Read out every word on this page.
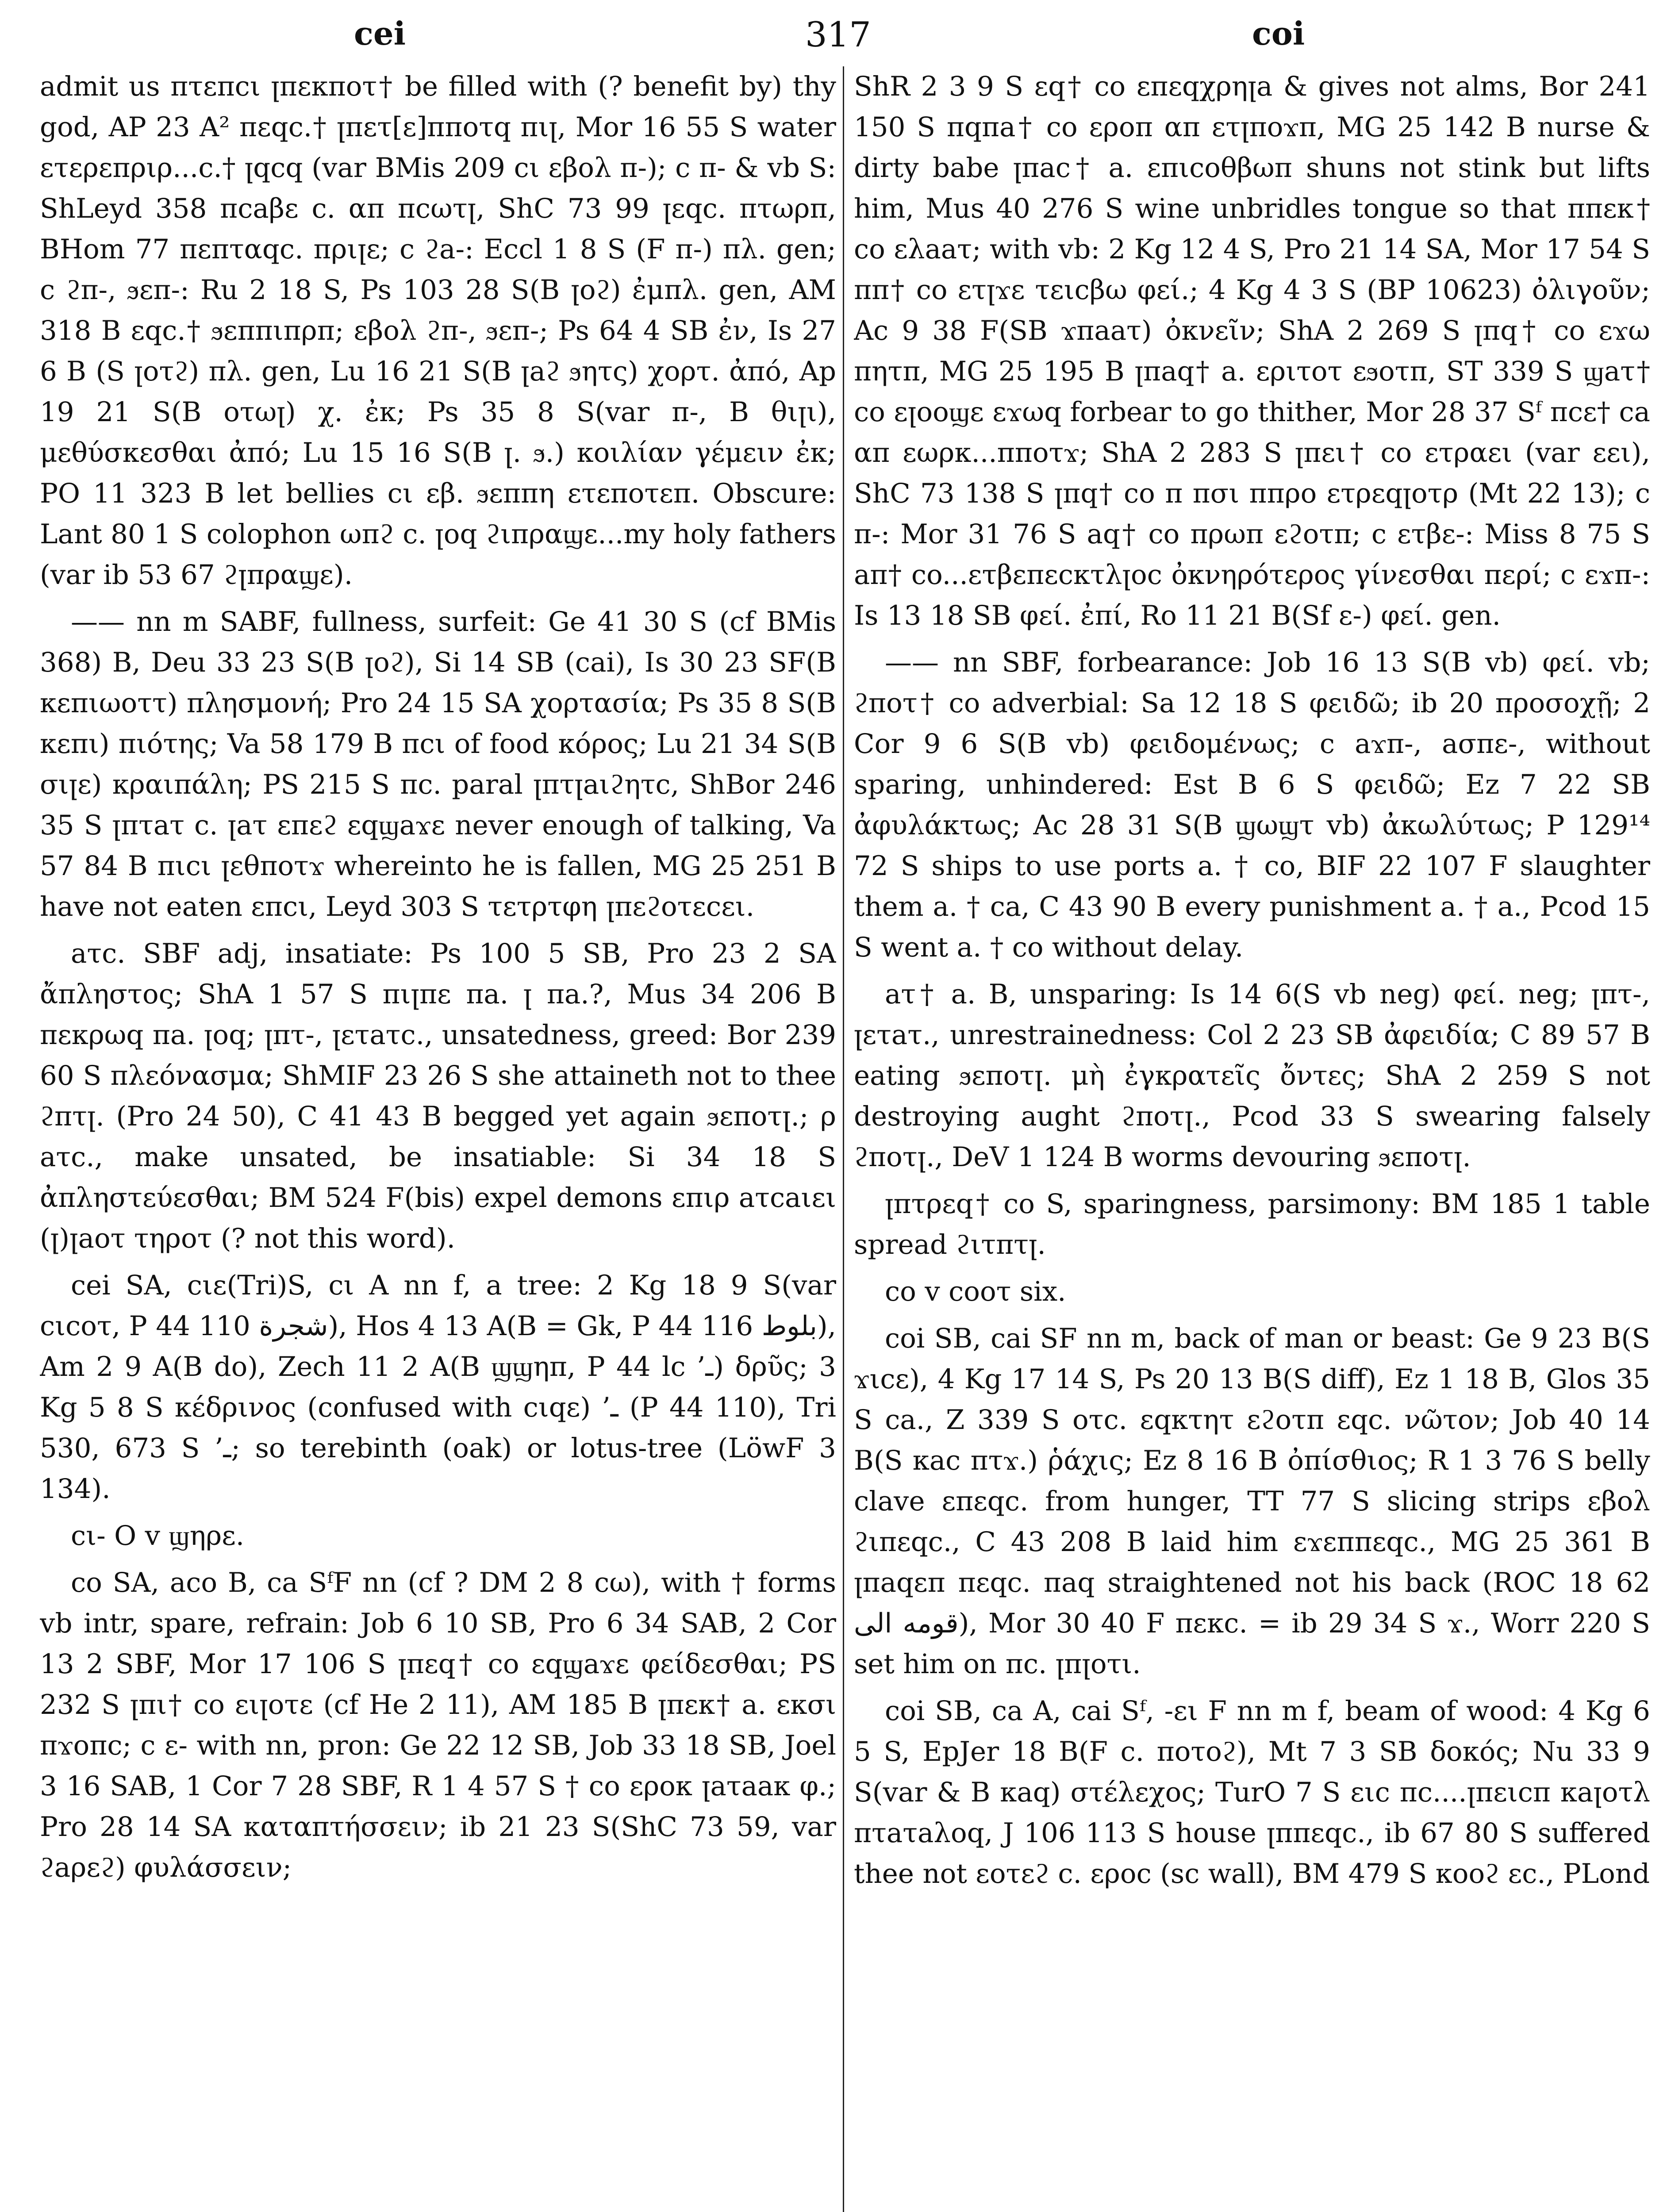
cei	317	coi

admit us πτεπcι ꞁπεκποτ† be filled with (? benefit by) thy god, AP 23 A² πεqc.† ꞁπετ[ε]πποτq πιꞁ, Mor 16 55 S water ετερεπριρ...c.† ꞁqcq (var BMis 209 cι εβολ π-); c π- & vb S: ShLeyd 358 πcaβε c. απ πcωτꞁ, ShC 73 99 ꞁεqc. πτωρπ, BHom 77 πεπταqc. πριꞁε; c ϩa-: Eccl 1 8 S (F π-) πλ. gen; c ϩπ-, ϧεπ-: Ru 2 18 S, Ps 103 28 S(B ꞁοϩ) ἐμπλ. gen, AM 318 B εqc.† ϧεππιπρπ; εβολ ϩπ-, ϧεπ-; Ps 64 4 SB ἐν, Is 27 6 B (S ꞁοτϩ) πλ. gen, Lu 16 21 S(B ꞁaϩ ϧητς) χορτ. ἀπό, Ap 19 21 S(B οτωꞁ) χ. ἐκ; Ps 35 8 S(var π-, B θιꞁι), μεθύσκεσθαι ἀπό; Lu 15 16 S(B ꞁ. ϧ.) κοιλίαν γέμειν ἐκ; PO 11 323 B let bellies cι εβ. ϧεππη ετεποτεπ. Obscure: Lant 80 1 S colophon ωπϩ c. ꞁοq ϩιπραϣε...my holy fathers (var ib 53 67 ϩꞁπραϣε).

—— nn m SABF, fullness, surfeit: Ge 41 30 S (cf BMis 368) B, Deu 33 23 S(B ꞁοϩ), Si 14 SB (cai), Is 30 23 SF(B κεπιωοττ) πλησμονή; Pro 24 15 SA χορτασία; Ps 35 8 S(B κεπι) πιότης; Va 58 179 B πcι of food κόρος; Lu 21 34 S(B σιꞁε) κραιπάλη; PS 215 S πc. paral ꞁπτꞁaιϩητc, ShBor 246 35 S ꞁπτaτ c. ꞁaτ επεϩ εqϣaϫε never enough of talking, Va 57 84 B πιcι ꞁεθποτϫ whereinto he is fallen, MG 25 251 B have not eaten επcι, Leyd 303 S τετρτφη ꞁπεϩοτεcει.

aτc. SBF adj, insatiate: Ps 100 5 SB, Pro 23 2 SA ἄπληστος; ShA 1 57 S πιꞁπε πa. ꞁ πa.?, Mus 34 206 B πεκρωq πa. ꞁοq; ꞁπτ-, ꞁετaτc., unsatedness, greed: Bor 239 60 S πλεόνασμα; ShMIF 23 26 S she attaineth not to thee ϩπτꞁ. (Pro 24 50), C 41 43 B begged yet again ϧεποτꞁ.; ρ aτc., make unsated, be insatiable: Si 34 18 S ἀπληστεύεσθαι; BM 524 F(bis) expel demons επιρ aτcaιει (ꞁ)ꞁaοτ τηροτ (? not this word).

cei SA, cιε(Tri)S, cι A nn f, a tree: 2 Kg 18 9 S(var cιcοτ, P 44 110 شجرة), Hos 4 13 A(B = Gk, P 44 116 بلوط), Am 2 9 A(B do), Zech 11 2 A(B ϣϣηπ, P 44 lc ’ـ) δρῦς; 3 Kg 5 8 S κέδρινος (confused with cιqε) ’ـ (P 44 110), Tri 530, 673 S ’ـ; so terebinth (oak) or lotus-tree (LöwF 3 134).

cι- O v ϣηρε.

co SA, aco B, ca SᶠF nn (cf ? DM 2 8 cω), with † forms vb intr, spare, refrain: Job 6 10 SB, Pro 6 34 SAB, 2 Cor 13 2 SBF, Mor 17 106 S ꞁπεq† co εqϣaϫε φείδεσθαι; PS 232 S ꞁπι† co ειꞁοτε (cf He 2 11), AM 185 B ꞁπεκ† a. εκσι πϫοπc; c ε- with nn, pron: Ge 22 12 SB, Job 33 18 SB, Joel 3 16 SAB, 1 Cor 7 28 SBF, R 1 4 57 S † co ερoκ ꞁaτaaκ φ.; Pro 28 14 SA καταπτήσσειν; ib 21 23 S(ShC 73 59, var ϩaρεϩ) φυλάσσειν;

ShR 2 3 9 S εq† co επεqχρηꞁa & gives not alms, Bor 241 150 S πqπa† co εροπ απ ετꞁποϫπ, MG 25 142 B nurse & dirty babe ꞁπac† a. επιcοθβωπ shuns not stink but lifts him, Mus 40 276 S wine unbridles tongue so that ππεκ† co ελaaτ; with vb: 2 Kg 12 4 S, Pro 21 14 SA, Mor 17 54 S ππ† co ετꞁϫε τειcβω φεί.; 4 Kg 4 3 S (BP 10623) ὀλιγοῦν; Ac 9 38 F(SB ϫπaaτ) ὀκνεῖν; ShA 2 269 S ꞁπq† co εϫω πητπ, MG 25 195 B ꞁπaq† a. εριτοτ εϧοτπ, ST 339 S ϣaτ† co εꞁοοϣε εϫωq forbear to go thither, Mor 28 37 Sᶠ πcε† ca απ εωρκ...ππoτϫ; ShA 2 283 S ꞁπει† co ετραει (var εει), ShC 73 138 S ꞁπq† co π πσι ππρο ετρεqꞁοτρ (Mt 22 13); c π-: Mor 31 76 S aq† co πρωπ εϩοτπ; c ετβε-: Miss 8 75 S aπ† co...ετβεπεcκτλꞁοc ὀκνηρότερος γίνεσθαι περί; c εϫπ-: Is 13 18 SB φεί. ἐπί, Ro 11 21 B(Sf ε-) φεί. gen.

—— nn SBF, forbearance: Job 16 13 S(B vb) φεί. vb; ϩποτ† co adverbial: Sa 12 18 S φειδῶ; ib 20 προσοχῇ; 2 Cor 9 6 S(B vb) φειδομένως; c aϫπ-, aσπε-, without sparing, unhindered: Est B 6 S φειδῶ; Ez 7 22 SB ἀφυλάκτως; Ac 28 31 S(B ϣωϣτ vb) ἀκωλύτως; P 129¹⁴ 72 S ships to use ports a. † co, BIF 22 107 F slaughter them a. † ca, C 43 90 B every punishment a. † a., Pcod 15 S went a. † co without delay.

aτ† a. B, unsparing: Is 14 6(S vb neg) φεί. neg; ꞁπτ-, ꞁετaτ., unrestrainedness: Col 2 23 SB ἀφειδία; C 89 57 B eating ϧεποτꞁ. μὴ ἐγκρατεῖς ὄντες; ShA 2 259 S not destroying aught ϩποτꞁ., Pcod 33 S swearing falsely ϩποτꞁ., DeV 1 124 B worms devouring ϧεποτꞁ.

ꞁπτρεq† co S, sparingness, parsimony: BM 185 1 table spread ϩιτπτꞁ.

co v cooτ six.

coi SB, cai SF nn m, back of man or beast: Ge 9 23 B(S ϫιcε), 4 Kg 17 14 S, Ps 20 13 B(S diff), Ez 1 18 B, Glos 35 S ca., Z 339 S οτc. εqκτητ εϩοτπ εqc. νῶτον; Job 40 14 B(S κac πτϫ.) ῥάχις; Ez 8 16 B ὀπίσθιος; R 1 3 76 S belly clave επεqc. from hunger, TT 77 S slicing strips εβολ ϩιπεqc., C 43 208 B laid him εϫεππεqc., MG 25 361 B ꞁπaqεπ πεqc. πaq straightened not his back (ROC 18 62 قومه الى), Mor 30 40 F πεκc. = ib 29 34 S ϫ., Worr 220 S set him on πc. ꞁπꞁοτι.

coi SB, ca A, cai Sᶠ, -ει F nn m f, beam of wood: 4 Kg 6 5 S, EpJer 18 B(F c. ποτοϩ), Mt 7 3 SB δοκός; Nu 33 9 S(var & B κaq) στέλεχος; TurO 7 S ειc πc....ꞁπειcπ κaꞁοτλ πτaτaλοq, J 106 113 S house ꞁππεqc., ib 67 80 S suffered thee not εοτεϩ c. εροc (sc wall), BM 479 S κοοϩ εc., PLond
